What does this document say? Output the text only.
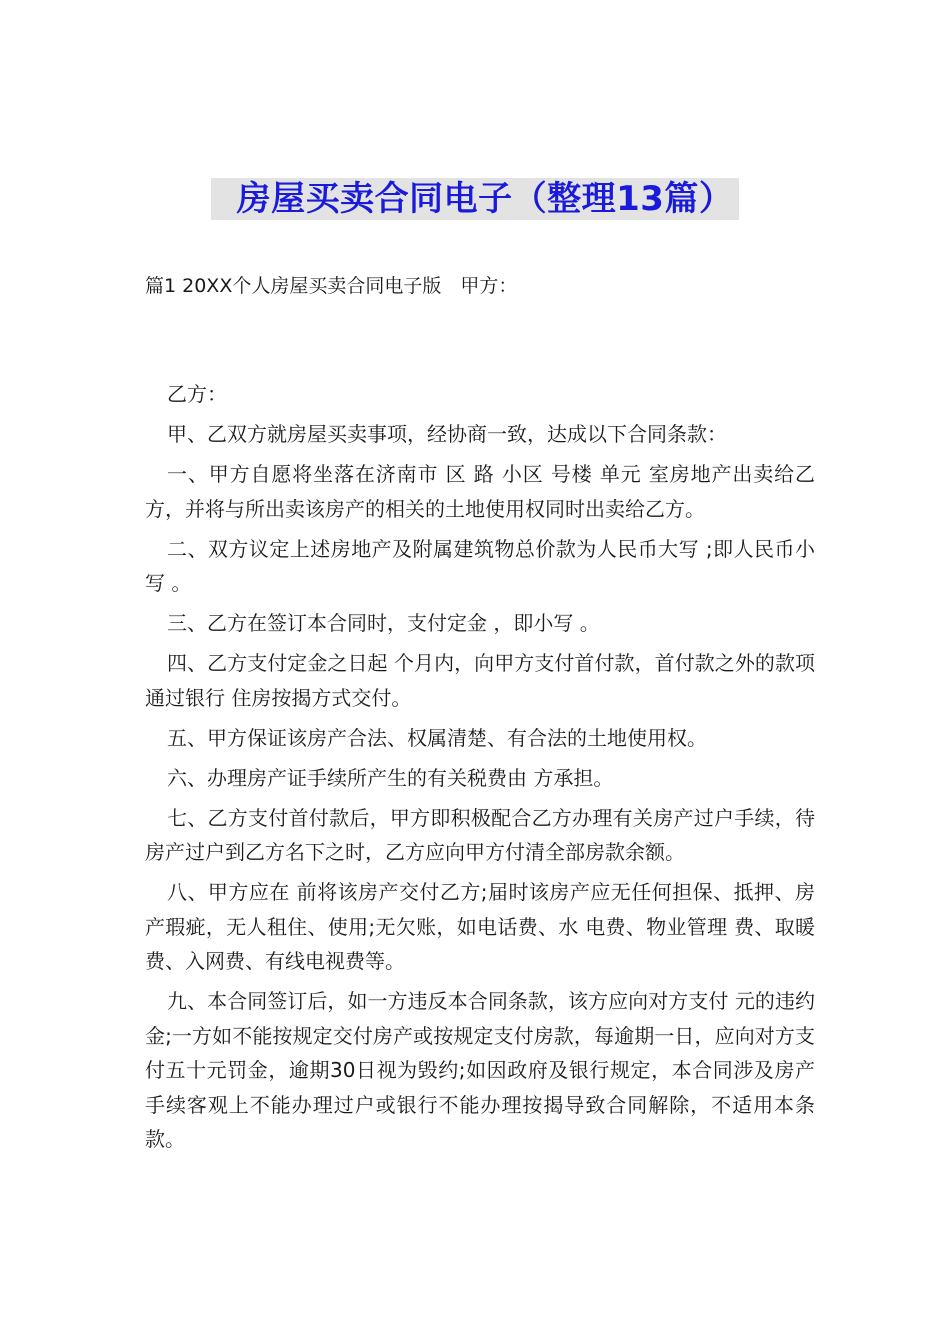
房屋买卖合同电子（整理13篇）
篇1 20XX个人房屋买卖合同电子版　甲方：

乙方：

甲、乙双方就房屋买卖事项，经协商一致，达成以下合同条款：

一、甲方自愿将坐落在济南市 区 路 小区 号楼 单元 室房地产出卖给乙方，并将与所出卖该房产的相关的土地使用权同时出卖给乙方。

二、双方议定上述房地产及附属建筑物总价款为人民币大写 ;即人民币小写 。

三、乙方在签订本合同时，支付定金 ，即小写 。

四、乙方支付定金之日起 个月内，向甲方支付首付款，首付款之外的款项通过银行 住房按揭方式交付。

五、甲方保证该房产合法、权属清楚、有合法的土地使用权。

六、办理房产证手续所产生的有关税费由 方承担。

七、乙方支付首付款后，甲方即积极配合乙方办理有关房产过户手续，待房产过户到乙方名下之时，乙方应向甲方付清全部房款余额。

八、甲方应在 前将该房产交付乙方;届时该房产应无任何担保、抵押、房产瑕疵，无人租住、使用;无欠账，如电话费、水 电费、物业管理 费、取暖费、入网费、有线电视费等。

九、本合同签订后，如一方违反本合同条款，该方应向对方支付 元的违约金;一方如不能按规定交付房产或按规定支付房款，每逾期一日，应向对方支付五十元罚金，逾期30日视为毁约;如因政府及银行规定，本合同涉及房产手续客观上不能办理过户或银行不能办理按揭导致合同解除，不适用本条款。
